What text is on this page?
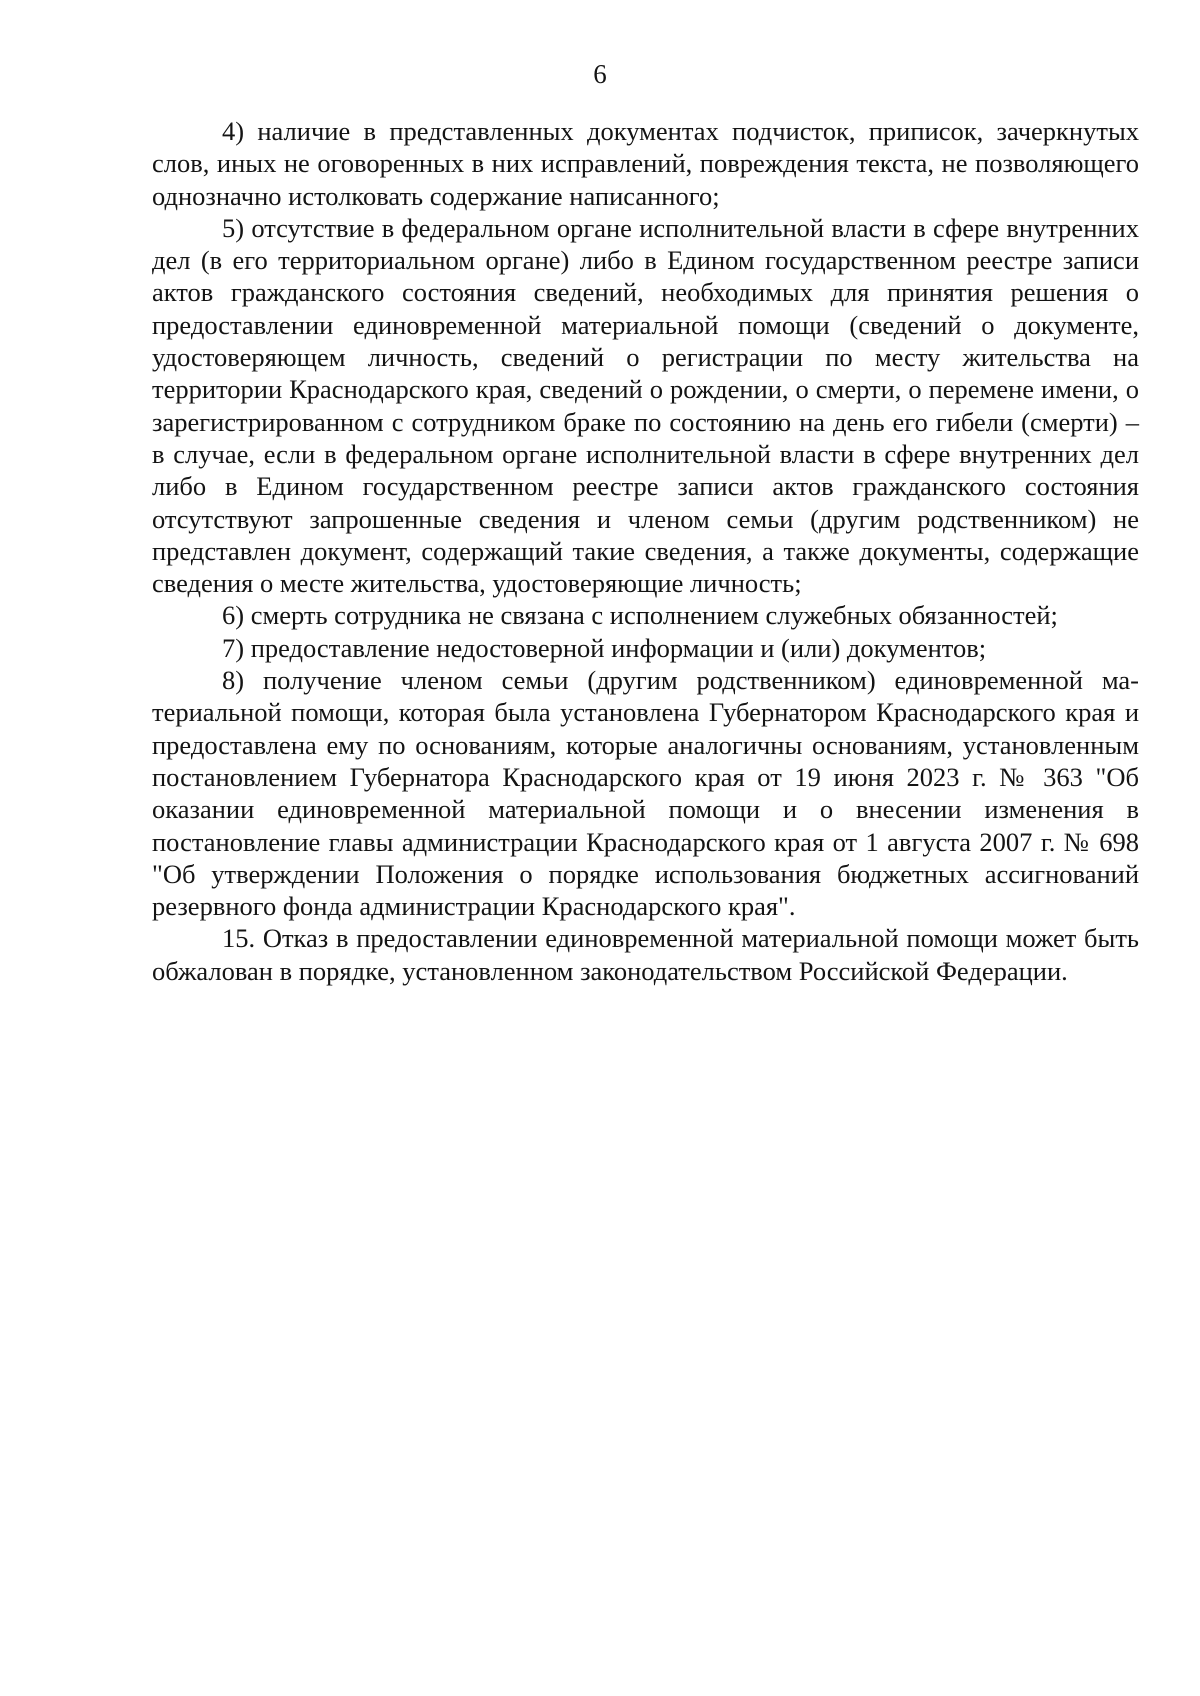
6

4) наличие в представленных документах подчисток, приписок, зачеркнутых слов, иных не оговоренных в них исправлений, повреждения текста, не позволяющего однозначно истолковать содержание написанного;

5) отсутствие в федеральном органе исполнительной власти в сфере внутренних дел (в его территориальном органе) либо в Едином государственном реестре записи актов гражданского состояния сведений, необходимых для принятия решения о предоставлении единовременной материальной помощи (сведений о документе, удостоверяющем личность, сведений о регистрации по месту жительства на территории Краснодарского края, сведений о рождении, о смерти, о перемене имени, о зарегистрированном с сотрудником браке по состоянию на день его гибели (смерти) – в случае, если в федеральном органе исполнительной власти в сфере внутренних дел либо в Едином государственном реестре записи актов гражданского состояния отсутствуют запрошенные сведения и членом семьи (другим родственником) не представлен документ, содержащий такие сведения, а также документы, содержащие сведения о месте жительства, удостоверяющие личность;

6) смерть сотрудника не связана с исполнением служебных обязанностей;

7) предоставление недостоверной информации и (или) документов;

8) получение членом семьи (другим родственником) единовременной материальной помощи, которая была установлена Губернатором Краснодарского края и предоставлена ему по основаниям, которые аналогичны основаниям, установленным постановлением Губернатора Краснодарского края от 19 июня 2023 г. № 363 "Об оказании единовременной материальной помощи и о внесении изменения в постановление главы администрации Краснодарского края от 1 августа 2007 г. № 698 "Об утверждении Положения о порядке использования бюджетных ассигнований резервного фонда администрации Краснодарского края".

15. Отказ в предоставлении единовременной материальной помощи может быть обжалован в порядке, установленном законодательством Российской Федерации.
